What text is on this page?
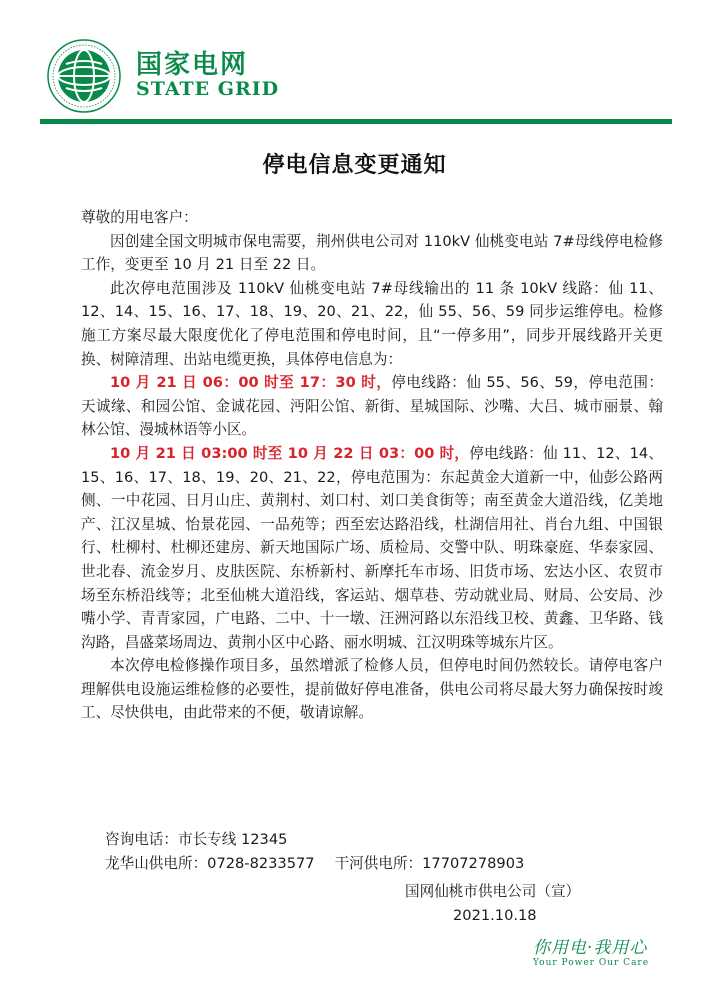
国家电网
STATE GRID
停电信息变更通知

尊敬的用电客户：

因创建全国文明城市保电需要，荆州供电公司对 110kV 仙桃变电站 7#母线停电检修工作，变更至 10 月 21 日至 22 日。

此次停电范围涉及 110kV 仙桃变电站 7#母线输出的 11 条 10kV 线路：仙 11、12、14、15、16、17、18、19、20、21、22，仙 55、56、59 同步运维停电。检修施工方案尽最大限度优化了停电范围和停电时间，且“一停多用”，同步开展线路开关更换、树障清理、出站电缆更换，具体停电信息为：

10 月 21 日 06：00 时至 17：30 时，停电线路：仙 55、56、59，停电范围：天诚缘、和园公馆、金诚花园、沔阳公馆、新街、星城国际、沙嘴、大吕、城市丽景、翰林公馆、漫城林语等小区。

10 月 21 日 03:00 时至 10 月 22 日 03：00 时，停电线路：仙 11、12、14、15、16、17、18、19、20、21、22，停电范围为：东起黄金大道新一中，仙彭公路两侧、一中花园、日月山庄、黄荆村、刘口村、刘口美食街等；南至黄金大道沿线，亿美地产、江汉星城、怡景花园、一品苑等；西至宏达路沿线，杜湖信用社、肖台九组、中国银行、杜柳村、杜柳还建房、新天地国际广场、质检局、交警中队、明珠豪庭、华泰家园、世北春、流金岁月、皮肤医院、东桥新村、新摩托车市场、旧货市场、宏达小区、农贸市场至东桥沿线等；北至仙桃大道沿线，客运站、烟草巷、劳动就业局、财局、公安局、沙嘴小学、青青家园，广电路、二中、十一墩、汪洲河路以东沿线卫校、黄鑫、卫华路、钱沟路，昌盛菜场周边、黄荆小区中心路、丽水明城、江汉明珠等城东片区。

本次停电检修操作项目多，虽然增派了检修人员，但停电时间仍然较长。请停电客户理解供电设施运维检修的必要性，提前做好停电准备，供电公司将尽最大努力确保按时竣工、尽快供电，由此带来的不便，敬请谅解。

咨询电话：市长专线 12345
龙华山供电所：0728-8233577 干河供电所：17707278903
国网仙桃市供电公司（宣）
2021.10.18
你用电·我用心
Your Power Our Care
